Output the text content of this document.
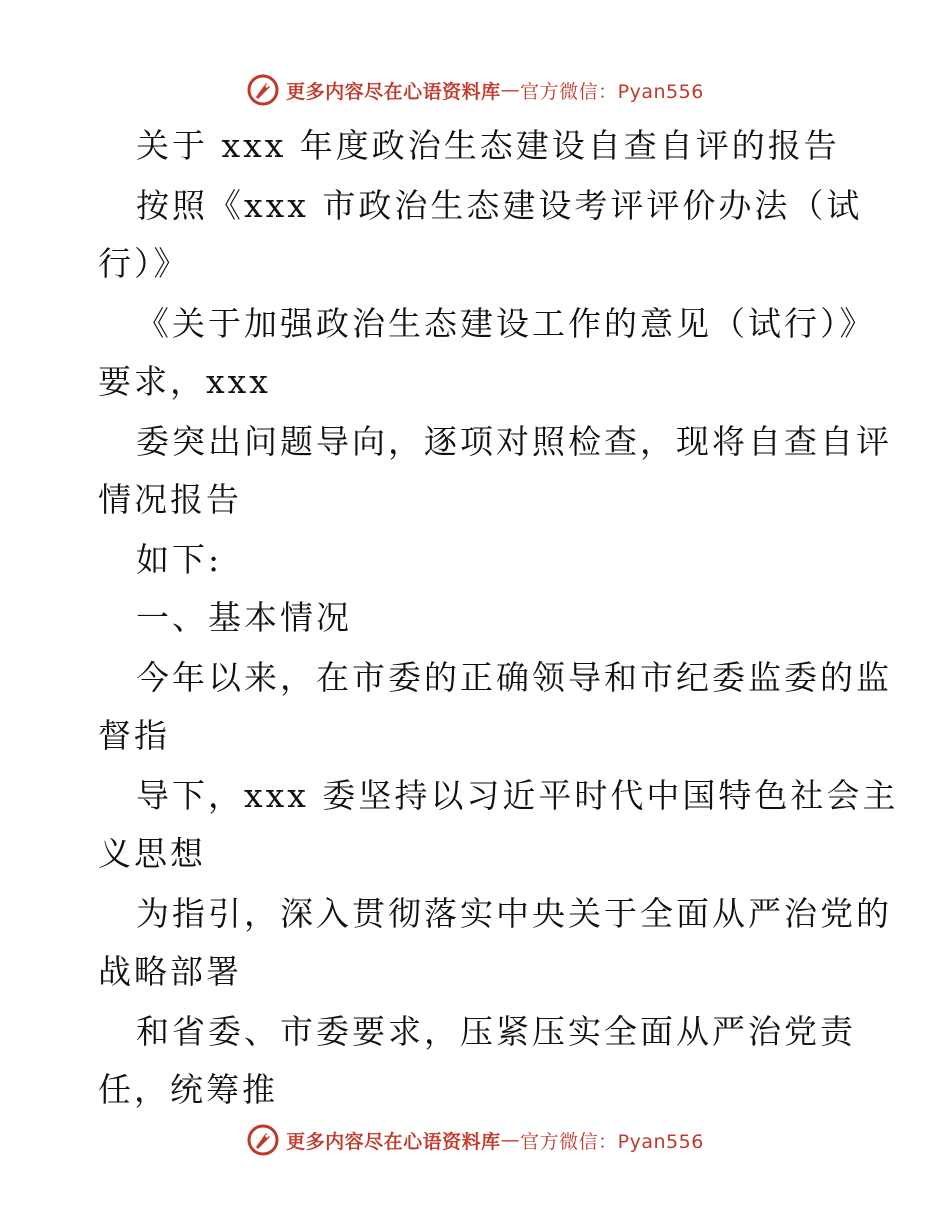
更多内容尽在心语资料库 — 官方微信：Pyan556
关于 xxx 年度政治生态建设自查自评的报告
按照《xxx 市政治生态建设考评评价办法（试
行）》
《关于加强政治生态建设工作的意见（试行）》
要求，xxx
委突出问题导向，逐项对照检查，现将自查自评
情况报告
如下:
一、基本情况
今年以来，在市委的正确领导和市纪委监委的监
督指
导下，xxx 委坚持以习近平时代中国特色社会主
义思想
为指引，深入贯彻落实中央关于全面从严治党的
战略部署
和省委、市委要求，压紧压实全面从严治党责
任，统筹推
更多内容尽在心语资料库 — 官方微信：Pyan556
